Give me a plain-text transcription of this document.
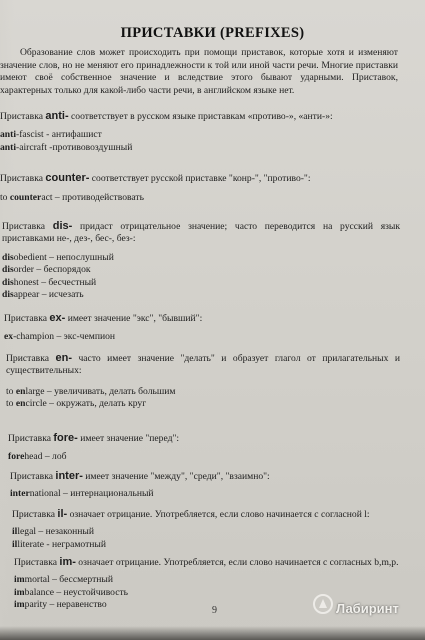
ПРИСТАВКИ (PREFIXES)

Образование слов может происходить при помощи приставок, которые хотя и изменяют значение слов, но не меняют его принадлежности к той или иной части речи. Многие приставки имеют своё собственное значение и вследствие этого бывают ударными. Приставок, характерных только для какой-либо части речи, в английском языке нет.

Приставка anti- соответствует в русском языке приставкам «противо-», «анти-»:

anti-fascist - антифашист

anti-aircraft -противовоздушный

Приставка counter- соответствует русской приставке "конр-", "противо-":

to counteract – противодействовать

Приставка dis- придаст отрицательное значение; часто переводится на русский язык приставками не-, дез-, бес-, без-:

disobedient – непослушный

disorder – беспорядок

dishonest – бесчестный

disappear – исчезать

Приставка ex- имеет значение "экс", "бывший":

ex-champion – экс-чемпион

Приставка en- часто имеет значение "делать" и образует глагол от прилагательных и существительных:

to enlarge – увеличивать, делать большим

to encircle – окружать, делать круг

Приставка fore- имеет значение "перед":

forehead – лоб

Приставка inter- имеет значение "между", "среди", "взаимно":

international – интернациональный

Приставка il- означает отрицание. Употребляется, если слово начинается с согласной l:

illegal – незаконный

illiterate - неграмотный

Приставка im- означает отрицание. Употребляется, если слово начинается с согласных b,m,p.

immortal – бессмертный

imbalance – неустойчивость

imparity – неравенство

9	Лабиринт
